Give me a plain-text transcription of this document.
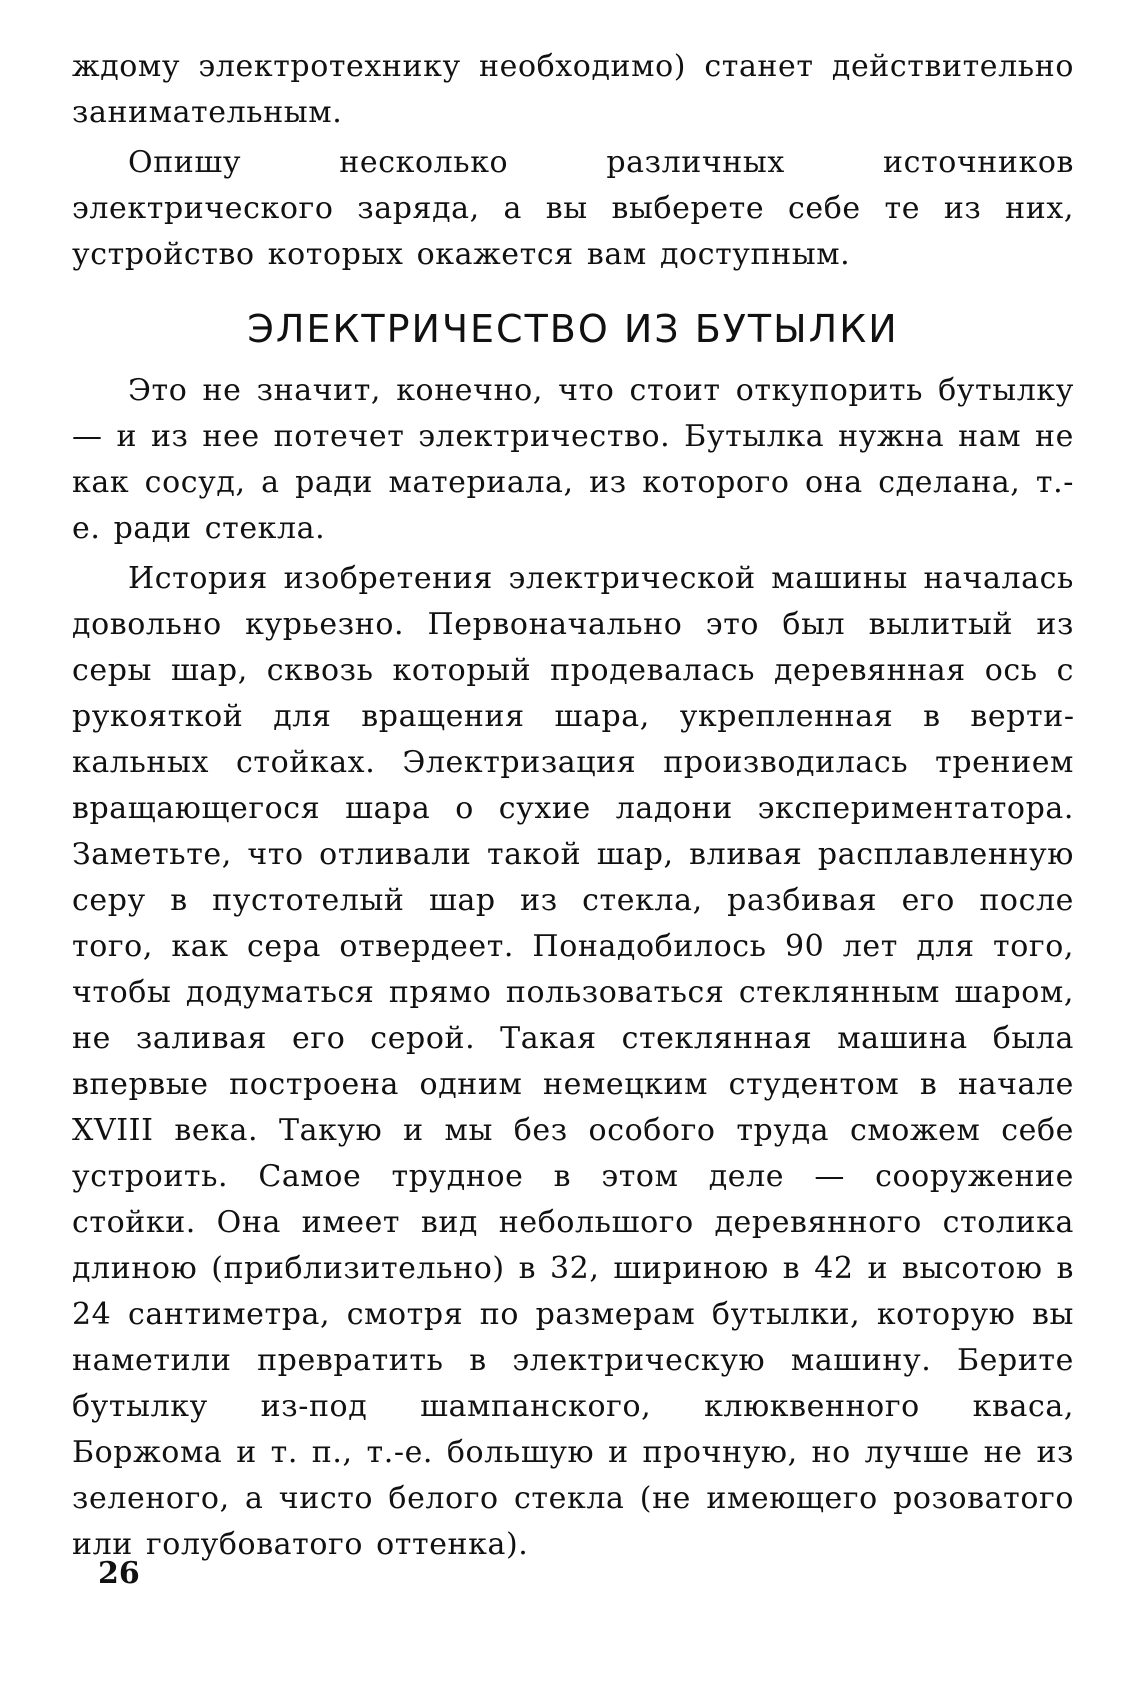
ждому электротехнику необходимо) станет действительно занимательным.

Опишу несколько различных источников электрического заряда, а вы выберете себе те из них, устройство которых окажется вам доступным.

ЭЛЕКТРИЧЕСТВО ИЗ БУТЫЛКИ

Это не значит, конечно, что стоит откупорить бутылку — и из нее потечет электричество. Бутылка нужна нам не как сосуд, а ради материала, из которого она сделана, т.-е. ради стекла.

История изобретения электрической машины началась довольно курьезно. Первоначально это был вылитый из серы шар, сквозь который продевалась деревянная ось с рукояткой для вращения шара, укрепленная в вертикальных стойках. Электризация производилась трением вращающегося шара о сухие ладони экспериментатора. Заметьте, что отливали такой шар, вливая расплавленную серу в пустотелый шар из стекла, разбивая его после того, как сера отвердеет. Понадобилось 90 лет для того, чтобы додуматься прямо пользоваться стеклянным шаром, не заливая его серой. Такая стеклянная машина была впервые построена одним немецким студентом в начале XVIII века. Такую и мы без особого труда сможем себе устроить. Самое трудное в этом деле — сооружение стойки. Она имеет вид небольшого деревянного столика длиною (приблизительно) в 32, шириною в 42 и высотою в 24 сантиметра, смотря по размерам бутылки, которую вы наметили превратить в электрическую машину. Берите бутылку из-под шампанского, клюквенного кваса, Боржома и т. п., т.-е. большую и прочную, но лучше не из зеленого, а чисто белого стекла (не имеющего розоватого или голубоватого оттенка).

26
